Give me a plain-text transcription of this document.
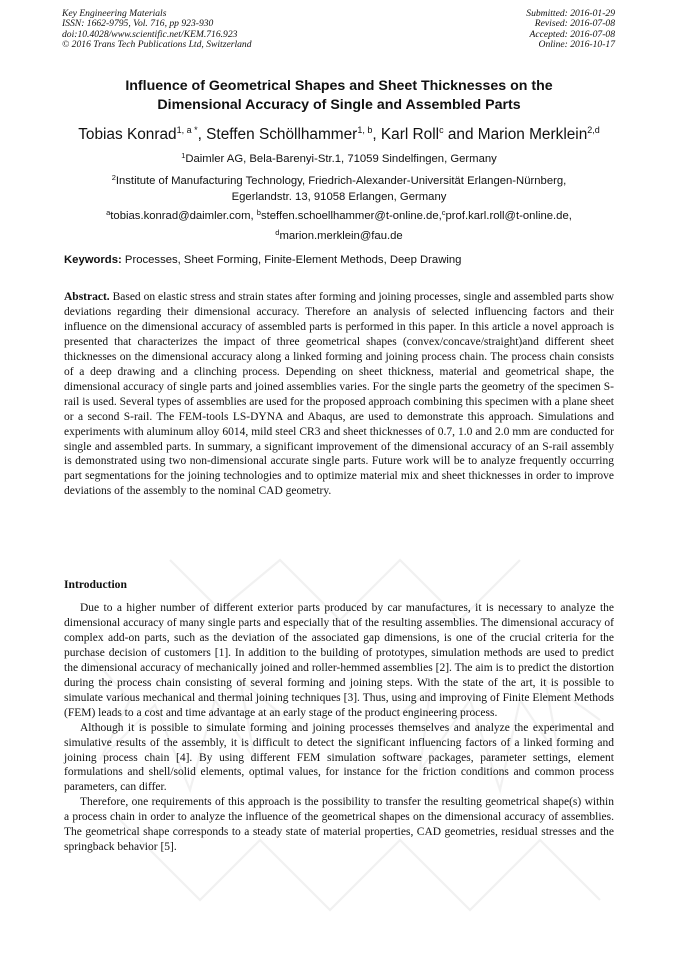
Key Engineering Materials
ISSN: 1662-9795, Vol. 716, pp 923-930
doi:10.4028/www.scientific.net/KEM.716.923
© 2016 Trans Tech Publications Ltd, Switzerland
Submitted: 2016-01-29
Revised: 2016-07-08
Accepted: 2016-07-08
Online: 2016-10-17
Influence of Geometrical Shapes and Sheet Thicknesses on the
Dimensional Accuracy of Single and Assembled Parts
Tobias Konrad$^{1, a *}$, Steffen Schöllhammer$^{1, b}$, Karl Roll$^c$ and Marion Merklein$^{2,d}$
$^1$Daimler AG, Bela-Barenyi-Str.1, 71059 Sindelfingen, Germany
$^2$Institute of Manufacturing Technology, Friedrich-Alexander-Universität Erlangen-Nürnberg,
Egerlandstr. 13, 91058 Erlangen, Germany
$^a$tobias.konrad@daimler.com, $^b$steffen.schoellhammer@t-online.de,$^c$prof.karl.roll@t-online.de,
$^d$marion.merklein@fau.de
Keywords: Processes, Sheet Forming, Finite-Element Methods, Deep Drawing
Abstract. Based on elastic stress and strain states after forming and joining processes, single and assembled parts show deviations regarding their dimensional accuracy. Therefore an analysis of selected influencing factors and their influence on the dimensional accuracy of assembled parts is performed in this paper. In this article a novel approach is presented that characterizes the impact of three geometrical shapes (convex/concave/straight)and different sheet thicknesses on the dimensional accuracy along a linked forming and joining process chain. The process chain consists of a deep drawing and a clinching process. Depending on sheet thickness, material and geometrical shape, the dimensional accuracy of single parts and joined assemblies varies. For the single parts the geometry of the specimen S-rail is used. Several types of assemblies are used for the proposed approach combining this specimen with a plane sheet or a second S-rail. The FEM-tools LS-DYNA and Abaqus, are used to demonstrate this approach. Simulations and experiments with aluminum alloy 6014, mild steel CR3 and sheet thicknesses of 0.7, 1.0 and 2.0 mm are conducted for single and assembled parts. In summary, a significant improvement of the dimensional accuracy of an S-rail assembly is demonstrated using two non-dimensional accurate single parts. Future work will be to analyze frequently occurring part segmentations for the joining technologies and to optimize material mix and sheet thicknesses in order to improve deviations of the assembly to the nominal CAD geometry.
Introduction
Due to a higher number of different exterior parts produced by car manufactures, it is necessary to analyze the dimensional accuracy of many single parts and especially that of the resulting assemblies. The dimensional accuracy of complex add-on parts, such as the deviation of the associated gap dimensions, is one of the crucial criteria for the purchase decision of customers [1]. In addition to the building of prototypes, simulation methods are used to predict the dimensional accuracy of mechanically joined and roller-hemmed assemblies [2]. The aim is to predict the distortion during the process chain consisting of several forming and joining steps. With the state of the art, it is possible to simulate various mechanical and thermal joining techniques [3]. Thus, using and improving of Finite Element Methods (FEM) leads to a cost and time advantage at an early stage of the product engineering process.
Although it is possible to simulate forming and joining processes themselves and analyze the experimental and simulative results of the assembly, it is difficult to detect the significant influencing factors of a linked forming and joining process chain [4]. By using different FEM simulation software packages, parameter settings, element formulations and shell/solid elements, optimal values, for instance for the friction conditions and common process parameters, can differ.
Therefore, one requirements of this approach is the possibility to transfer the resulting geometrical shape(s) within a process chain in order to analyze the influence of the geometrical shapes on the dimensional accuracy of assemblies. The geometrical shape corresponds to a steady state of material properties, CAD geometries, residual stresses and the springback behavior [5].
